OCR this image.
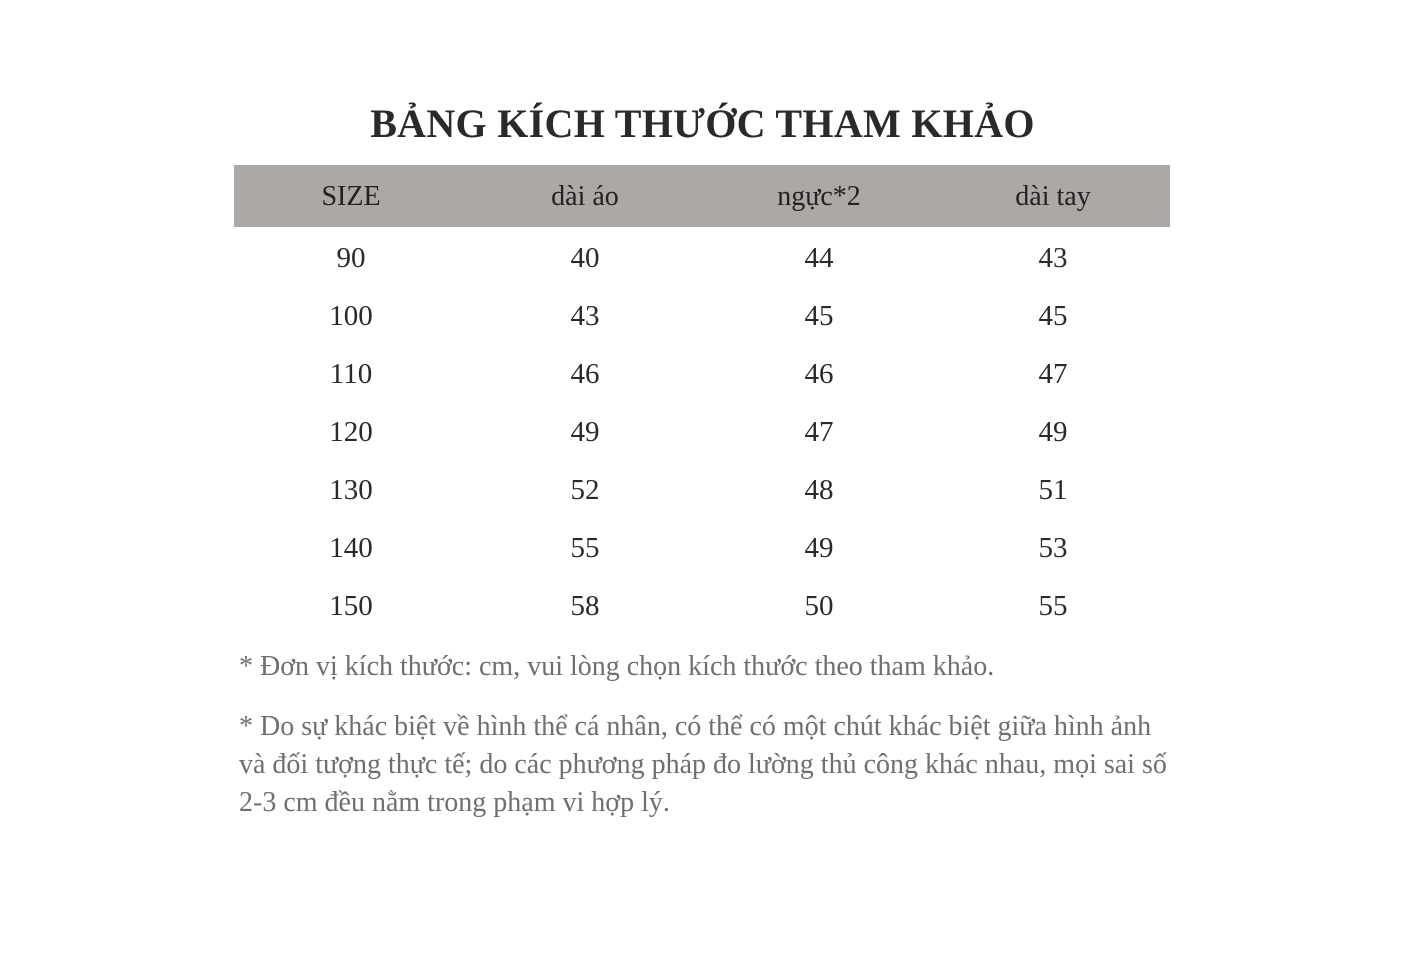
BẢNG KÍCH THƯỚC THAM KHẢO
SIZE	dài áo	ngực*2	dài tay
90	40	44	43
100	43	45	45
110	46	46	47
120	49	47	49
130	52	48	51
140	55	49	53
150	58	50	55

* Đơn vị kích thước: cm, vui lòng chọn kích thước theo tham khảo.

* Do sự khác biệt về hình thể cá nhân, có thể có một chút khác biệt giữa hình ảnh và đối tượng thực tế; do các phương pháp đo lường thủ công khác nhau, mọi sai số 2-3 cm đều nằm trong phạm vi hợp lý.
